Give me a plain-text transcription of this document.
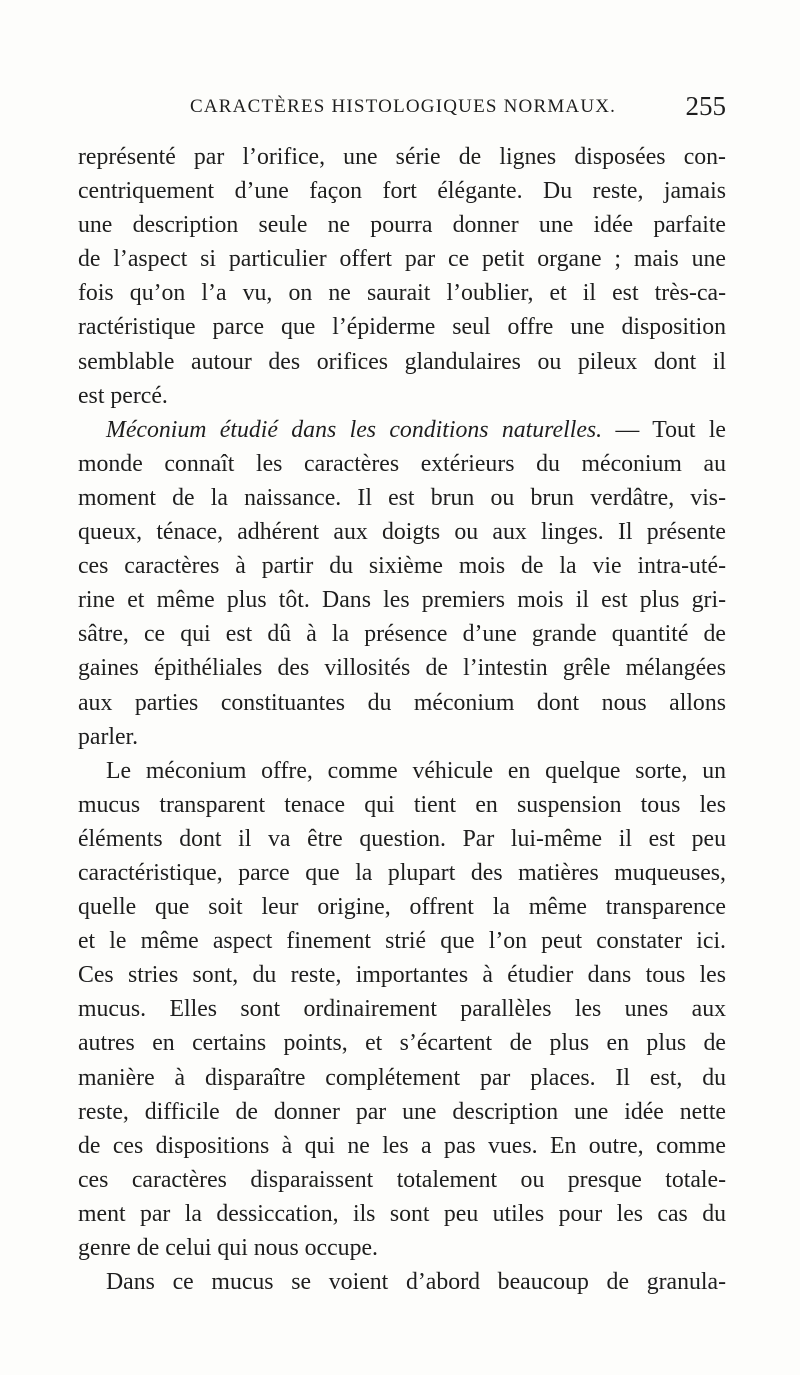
CARACTÈRES HISTOLOGIQUES NORMAUX.	255
représenté par l’orifice, une série de lignes disposées con-
centriquement d’une façon fort élégante. Du reste, jamais
une description seule ne pourra donner une idée parfaite
de l’aspect si particulier offert par ce petit organe ; mais une
fois qu’on l’a vu, on ne saurait l’oublier, et il est très-ca-
ractéristique parce que l’épiderme seul offre une disposition
semblable autour des orifices glandulaires ou pileux dont il
est percé.
Méconium étudié dans les conditions naturelles. — Tout le
monde connaît les caractères extérieurs du méconium au
moment de la naissance. Il est brun ou brun verdâtre, vis-
queux, ténace, adhérent aux doigts ou aux linges. Il présente
ces caractères à partir du sixième mois de la vie intra-uté-
rine et même plus tôt. Dans les premiers mois il est plus gri-
sâtre, ce qui est dû à la présence d’une grande quantité de
gaines épithéliales des villosités de l’intestin grêle mélangées
aux parties constituantes du méconium dont nous allons
parler.
Le méconium offre, comme véhicule en quelque sorte, un
mucus transparent tenace qui tient en suspension tous les
éléments dont il va être question. Par lui-même il est peu
caractéristique, parce que la plupart des matières muqueuses,
quelle que soit leur origine, offrent la même transparence
et le même aspect finement strié que l’on peut constater ici.
Ces stries sont, du reste, importantes à étudier dans tous les
mucus. Elles sont ordinairement parallèles les unes aux
autres en certains points, et s’écartent de plus en plus de
manière à disparaître complétement par places. Il est, du
reste, difficile de donner par une description une idée nette
de ces dispositions à qui ne les a pas vues. En outre, comme
ces caractères disparaissent totalement ou presque totale-
ment par la dessiccation, ils sont peu utiles pour les cas du
genre de celui qui nous occupe.
Dans ce mucus se voient d’abord beaucoup de granula-
